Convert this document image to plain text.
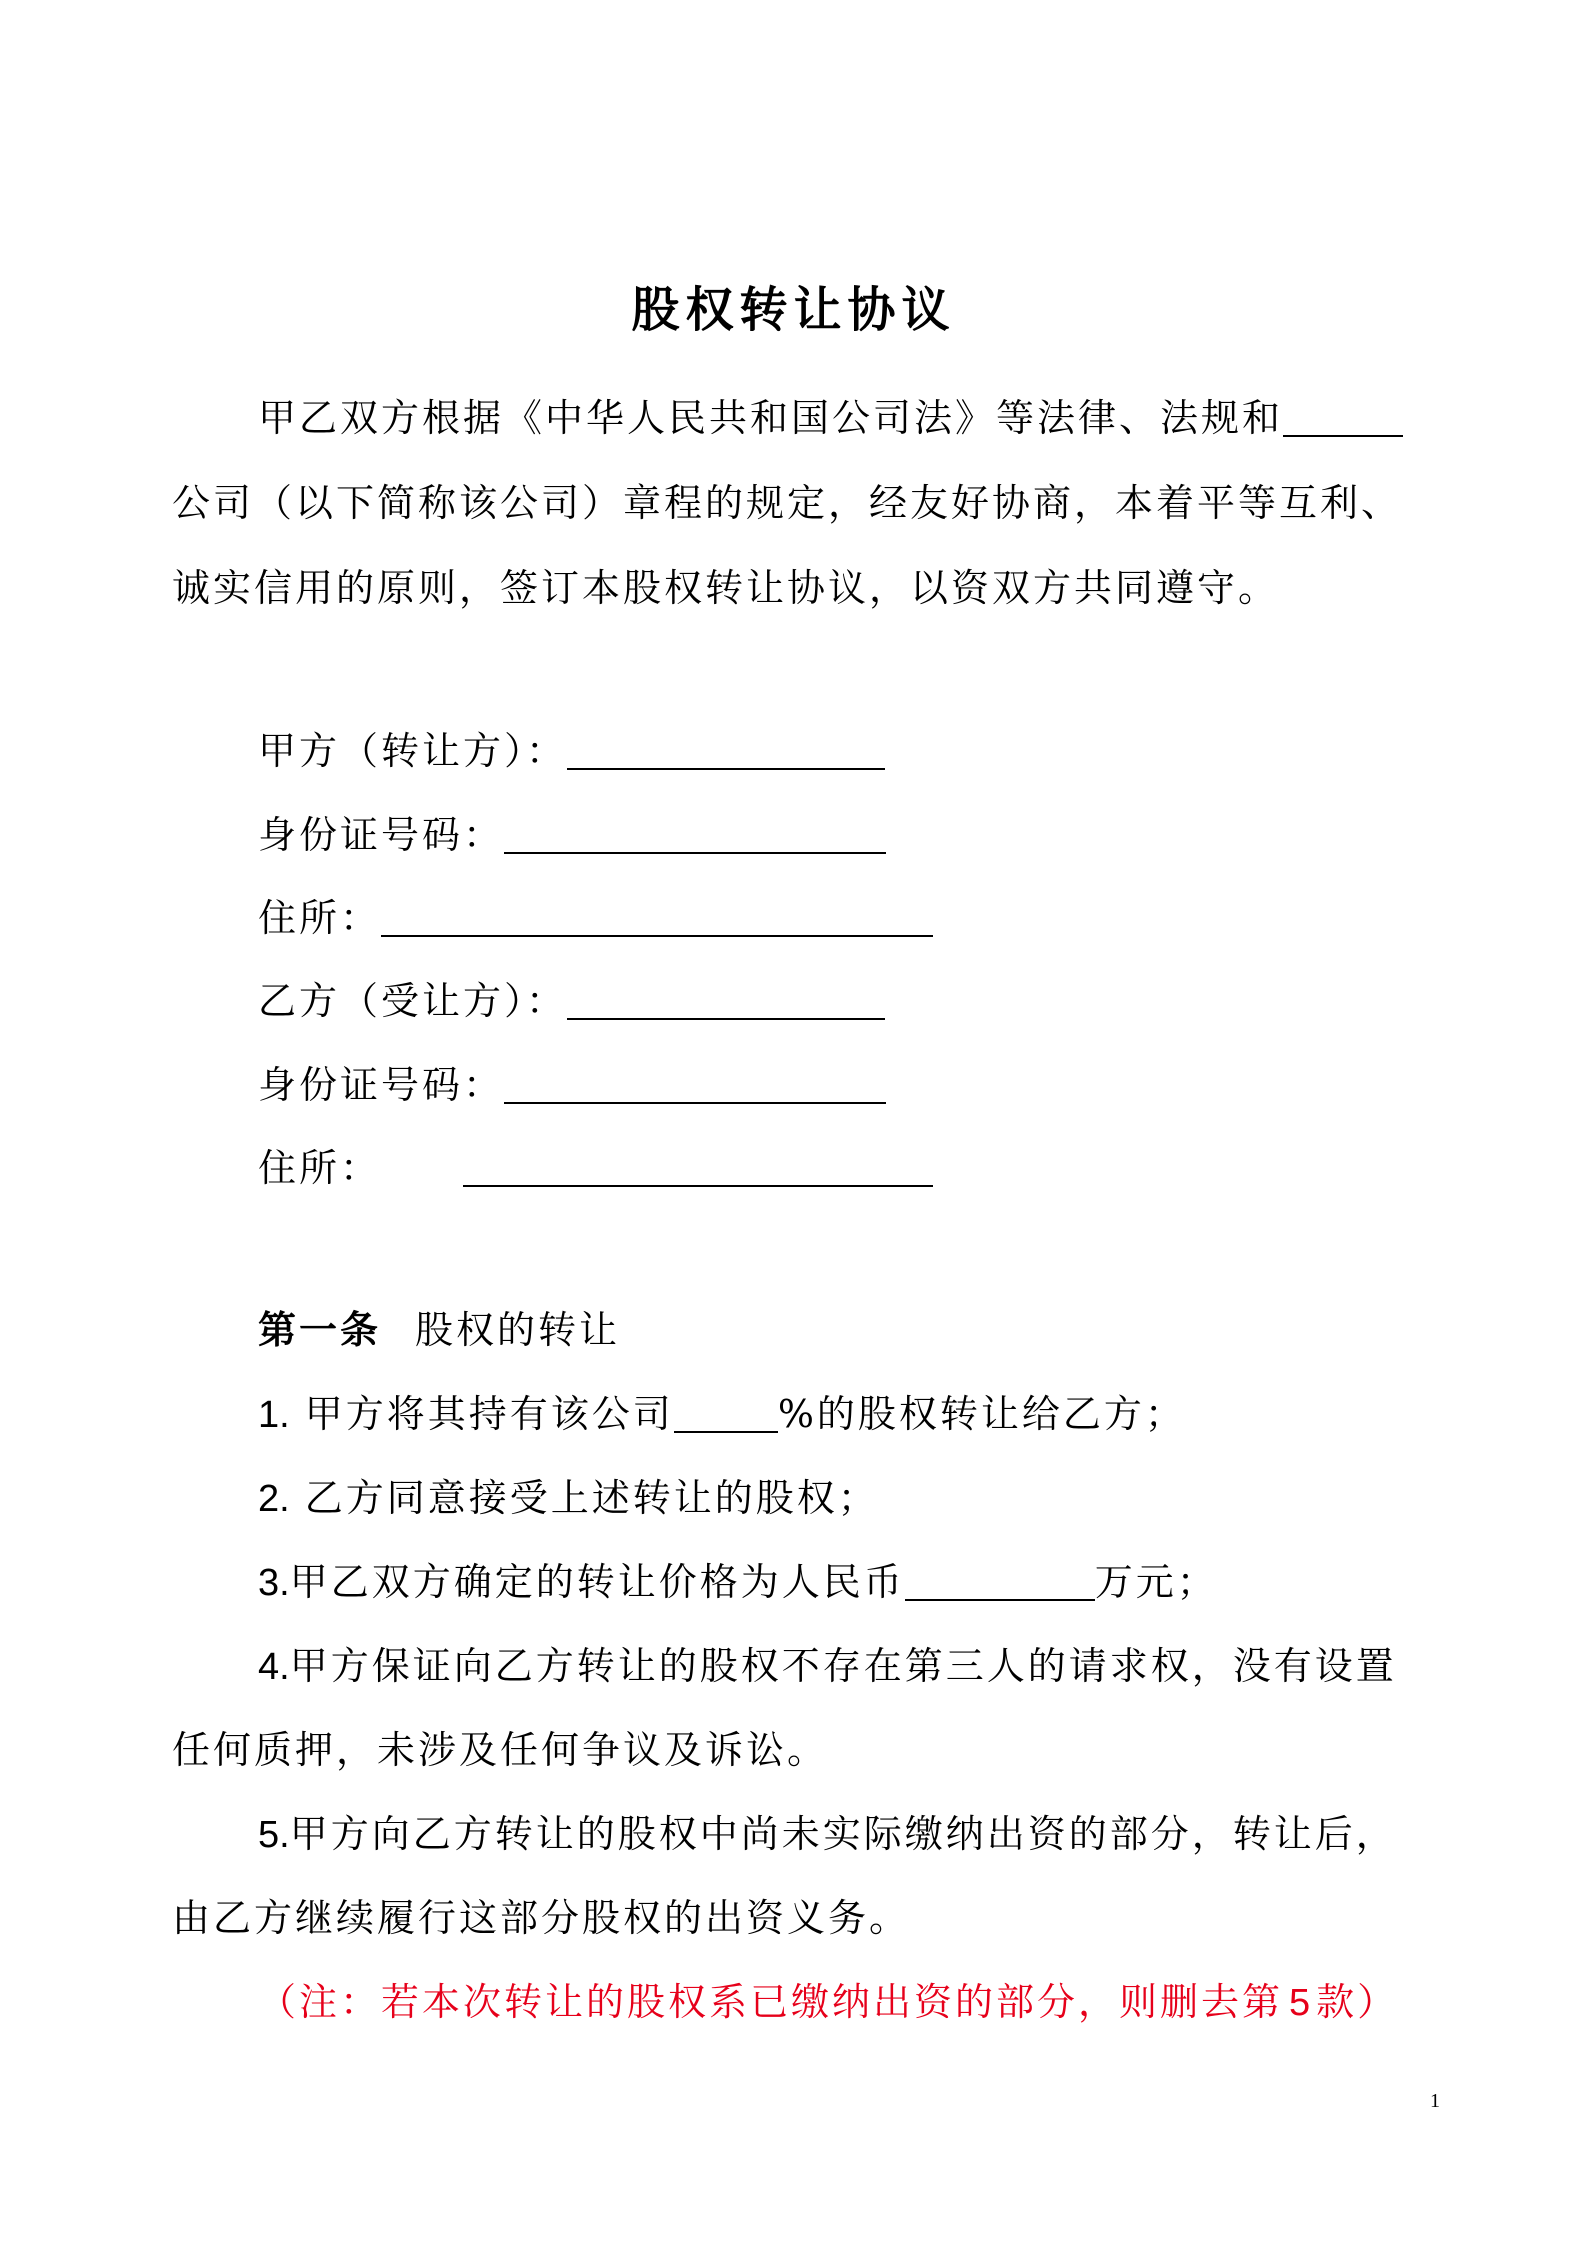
股权转让协议
甲乙双方根据《中华人民共和国公司法》等法律、法规和
公司（以下简称该公司）章程的规定，经友好协商，本着平等互利、
诚实信用的原则，签订本股权转让协议，以资双方共同遵守。
甲方（转让方）：
身份证号码：
住所：
乙方（受让方）：
身份证号码：
住所：
第一条 股权的转让
1. 甲方将其持有该公司	%的股权转让给乙方；
2. 乙方同意接受上述转让的股权；
3.甲乙双方确定的转让价格为人民币	万元；
4.甲方保证向乙方转让的股权不存在第三人的请求权，没有设置
任何质押，未涉及任何争议及诉讼。
5.甲方向乙方转让的股权中尚未实际缴纳出资的部分，转让后，
由乙方继续履行这部分股权的出资义务。
（注：若本次转让的股权系已缴纳出资的部分，则删去第 5 款）
1
